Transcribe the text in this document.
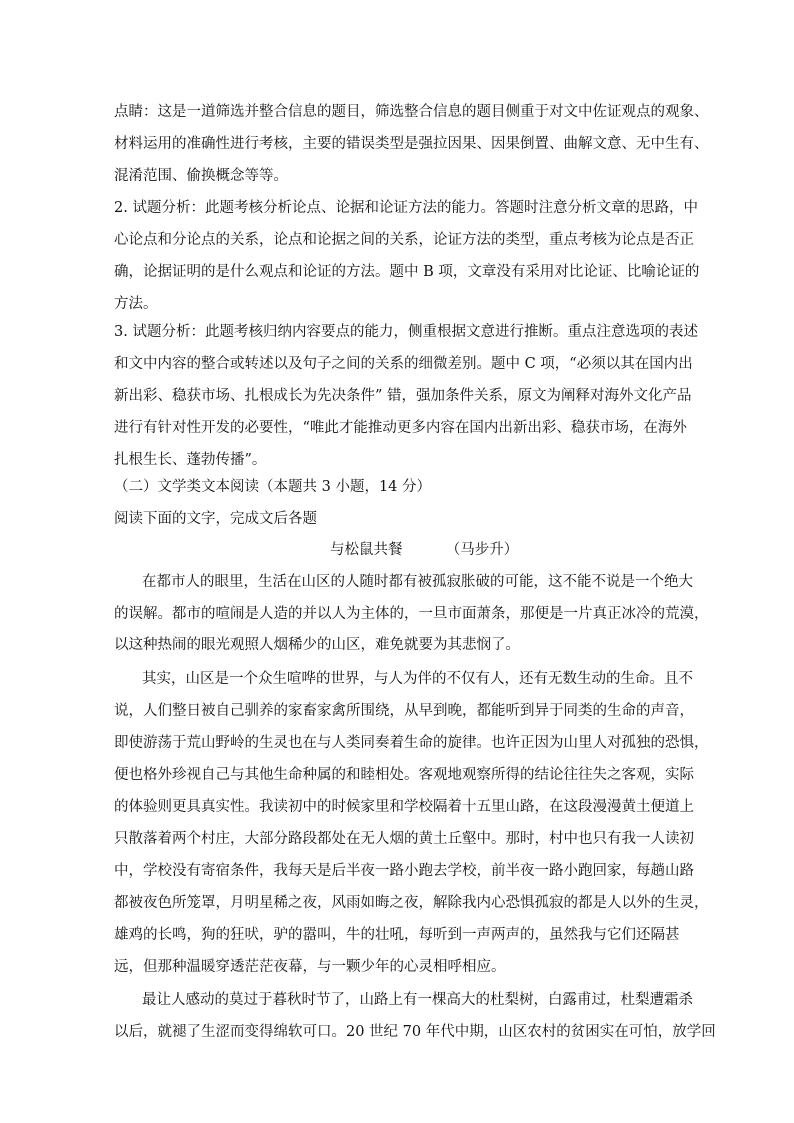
点睛：这是一道筛选并整合信息的题目，筛选整合信息的题目侧重于对文中佐证观点的观象、
材料运用的准确性进行考核，主要的错误类型是强拉因果、因果倒置、曲解文意、无中生有、
混淆范围、偷换概念等等。
2. 试题分析：此题考核分析论点、论据和论证方法的能力。答题时注意分析文章的思路，中
心论点和分论点的关系，论点和论据之间的关系，论证方法的类型，重点考核为论点是否正
确，论据证明的是什么观点和论证的方法。题中 B 项，文章没有采用对比论证、比喻论证的
方法。
3. 试题分析：此题考核归纳内容要点的能力，侧重根据文意进行推断。重点注意选项的表述
和文中内容的整合或转述以及句子之间的关系的细微差别。题中 C 项，“必须以其在国内出
新出彩、稳获市场、扎根成长为先决条件” 错，强加条件关系，原文为阐释对海外文化产品
进行有针对性开发的必要性，“唯此才能推动更多内容在国内出新出彩、稳获市场，在海外
扎根生长、蓬勃传播”。
（二）文学类文本阅读（本题共 3 小题，14 分）
阅读下面的文字，完成文后各题
与松鼠共餐	（马步升）
在都市人的眼里，生活在山区的人随时都有被孤寂胀破的可能，这不能不说是一个绝大
的误解。都市的喧闹是人造的并以人为主体的，一旦市面萧条，那便是一片真正冰冷的荒漠，
以这种热闹的眼光观照人烟稀少的山区，难免就要为其悲悯了。
其实，山区是一个众生喧哗的世界，与人为伴的不仅有人，还有无数生动的生命。且不
说，人们整日被自己驯养的家畜家禽所围绕，从早到晚，都能听到异于同类的生命的声音，
即使游荡于荒山野岭的生灵也在与人类同奏着生命的旋律。也许正因为山里人对孤独的恐惧，
便也格外珍视自己与其他生命种属的和睦相处。客观地观察所得的结论往往失之客观，实际
的体验则更具真实性。我读初中的时候家里和学校隔着十五里山路，在这段漫漫黄土便道上
只散落着两个村庄，大部分路段都处在无人烟的黄土丘壑中。那时，村中也只有我一人读初
中，学校没有寄宿条件，我每天是后半夜一路小跑去学校，前半夜一路小跑回家，每趟山路
都被夜色所笼罩，月明星稀之夜，风雨如晦之夜，解除我内心恐惧孤寂的都是人以外的生灵，
雄鸡的长鸣，狗的狂吠，驴的嚣叫，牛的壮吼，每听到一声两声的，虽然我与它们还隔甚
远，但那种温暖穿透茫茫夜幕，与一颗少年的心灵相呼相应。
最让人感动的莫过于暮秋时节了，山路上有一棵高大的杜梨树，白露甫过，杜梨遭霜杀
以后，就褪了生涩而变得绵软可口。20 世纪 70 年代中期，山区农村的贫困实在可怕，放学回
